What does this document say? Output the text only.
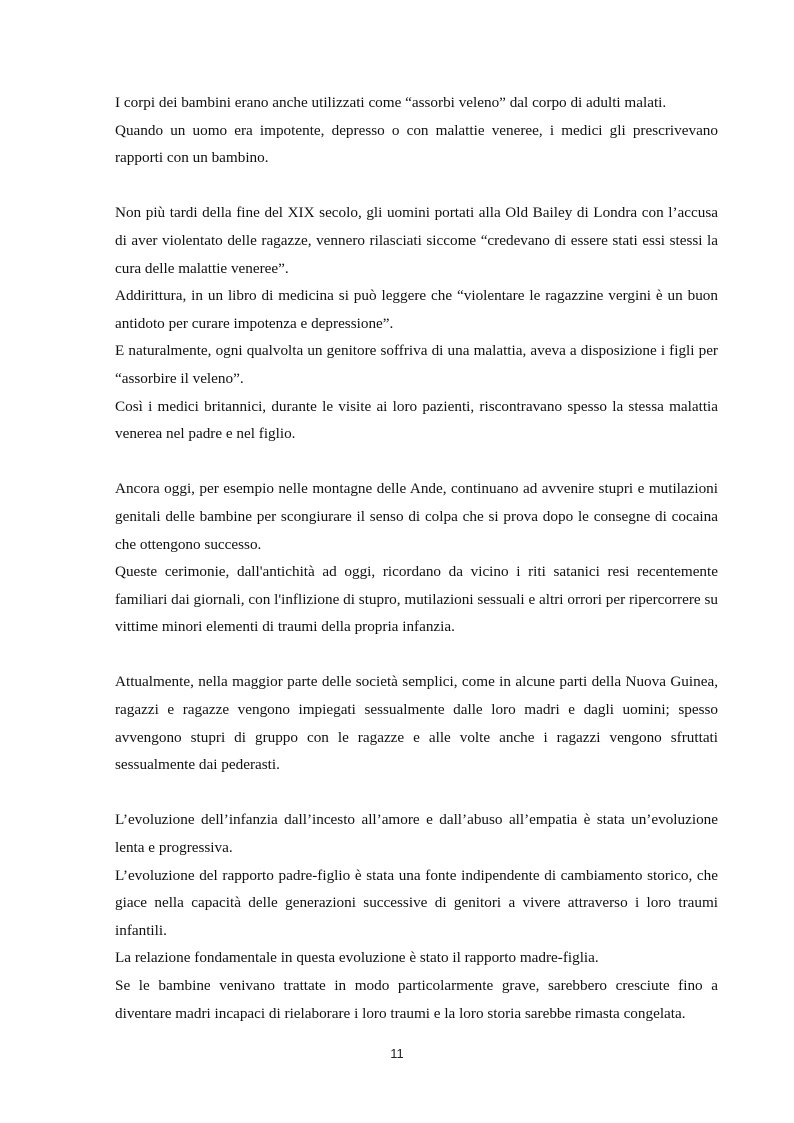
I corpi dei bambini erano anche utilizzati come “assorbi veleno” dal corpo di adulti malati.
Quando un uomo era impotente, depresso o con malattie veneree, i medici gli prescrivevano rapporti con un bambino.
Non più tardi della fine del XIX secolo, gli uomini portati alla Old Bailey di Londra con l’accusa di aver violentato delle ragazze, vennero rilasciati siccome “credevano di essere stati essi stessi la cura delle malattie veneree”.
Addirittura, in un libro di medicina si può leggere che “violentare le ragazzine vergini è un buon antidoto per curare impotenza e depressione”.
E naturalmente, ogni qualvolta un genitore soffriva di una malattia, aveva a disposizione i figli per “assorbire il veleno”.
Così i medici britannici, durante le visite ai loro pazienti, riscontravano spesso la stessa malattia venerea nel padre e nel figlio.
Ancora oggi, per esempio nelle montagne delle Ande, continuano ad avvenire stupri e mutilazioni genitali delle bambine per scongiurare il senso di colpa che si prova dopo le consegne di cocaina che ottengono successo.
Queste cerimonie, dall'antichità ad oggi, ricordano da vicino i riti satanici resi recentemente familiari dai giornali, con l'inflizione di stupro, mutilazioni sessuali e altri orrori per ripercorrere su vittime minori elementi di traumi della propria infanzia.
Attualmente, nella maggior parte delle società semplici, come in alcune parti della Nuova Guinea, ragazzi e ragazze vengono impiegati sessualmente dalle loro madri e dagli uomini; spesso avvengono stupri di gruppo con le ragazze e alle volte anche i ragazzi vengono sfruttati sessualmente dai pederasti.
L’evoluzione dell’infanzia dall’incesto all’amore e dall’abuso all’empatia è stata un’evoluzione lenta e progressiva.
L’evoluzione del rapporto padre-figlio è stata una fonte indipendente di cambiamento storico, che giace nella capacità delle generazioni successive di genitori a vivere attraverso i loro traumi infantili.
La relazione fondamentale in questa evoluzione è stato il rapporto madre-figlia.
Se le bambine venivano trattate in modo particolarmente grave, sarebbero cresciute fino a diventare madri incapaci di rielaborare i loro traumi e la loro storia sarebbe rimasta congelata.
11
